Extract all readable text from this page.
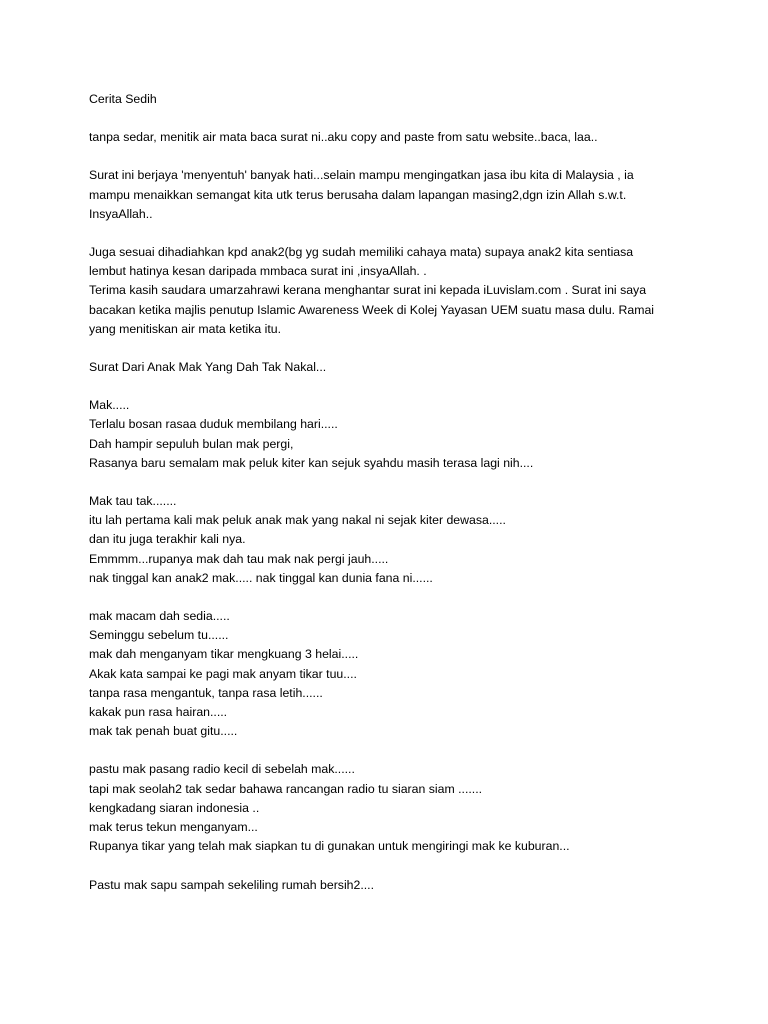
Cerita Sedih
tanpa sedar, menitik air mata baca surat ni..aku copy and paste from satu website..baca, laa..
Surat ini berjaya 'menyentuh' banyak hati...selain mampu mengingatkan jasa ibu kita di Malaysia , ia
mampu menaikkan semangat kita utk terus berusaha dalam lapangan masing2,dgn izin Allah s.w.t.
InsyaAllah..
Juga sesuai dihadiahkan kpd anak2(bg yg sudah memiliki cahaya mata) supaya anak2 kita sentiasa
lembut hatinya kesan daripada mmbaca surat ini ,insyaAllah. .
Terima kasih saudara umarzahrawi kerana menghantar surat ini kepada iLuvislam.com . Surat ini saya
bacakan ketika majlis penutup Islamic Awareness Week di Kolej Yayasan UEM suatu masa dulu. Ramai
yang menitiskan air mata ketika itu.
Surat Dari Anak Mak Yang Dah Tak Nakal...
Mak.....
Terlalu bosan rasaa duduk membilang hari.....
Dah hampir sepuluh bulan mak pergi,
Rasanya baru semalam mak peluk kiter kan sejuk syahdu masih terasa lagi nih....
Mak tau tak.......
itu lah pertama kali mak peluk anak mak yang nakal ni sejak kiter dewasa.....
dan itu juga terakhir kali nya.
Emmmm...rupanya mak dah tau mak nak pergi jauh.....
nak tinggal kan anak2 mak..... nak tinggal kan dunia fana ni......
mak macam dah sedia.....
Seminggu sebelum tu......
mak dah menganyam tikar mengkuang 3 helai.....
Akak kata sampai ke pagi mak anyam tikar tuu....
tanpa rasa mengantuk, tanpa rasa letih......
kakak pun rasa hairan.....
mak tak penah buat gitu.....
pastu mak pasang radio kecil di sebelah mak......
tapi mak seolah2 tak sedar bahawa rancangan radio tu siaran siam .......
kengkadang siaran indonesia ..
mak terus tekun menganyam...
Rupanya tikar yang telah mak siapkan tu di gunakan untuk mengiringi mak ke kuburan...
Pastu mak sapu sampah sekeliling rumah bersih2....
